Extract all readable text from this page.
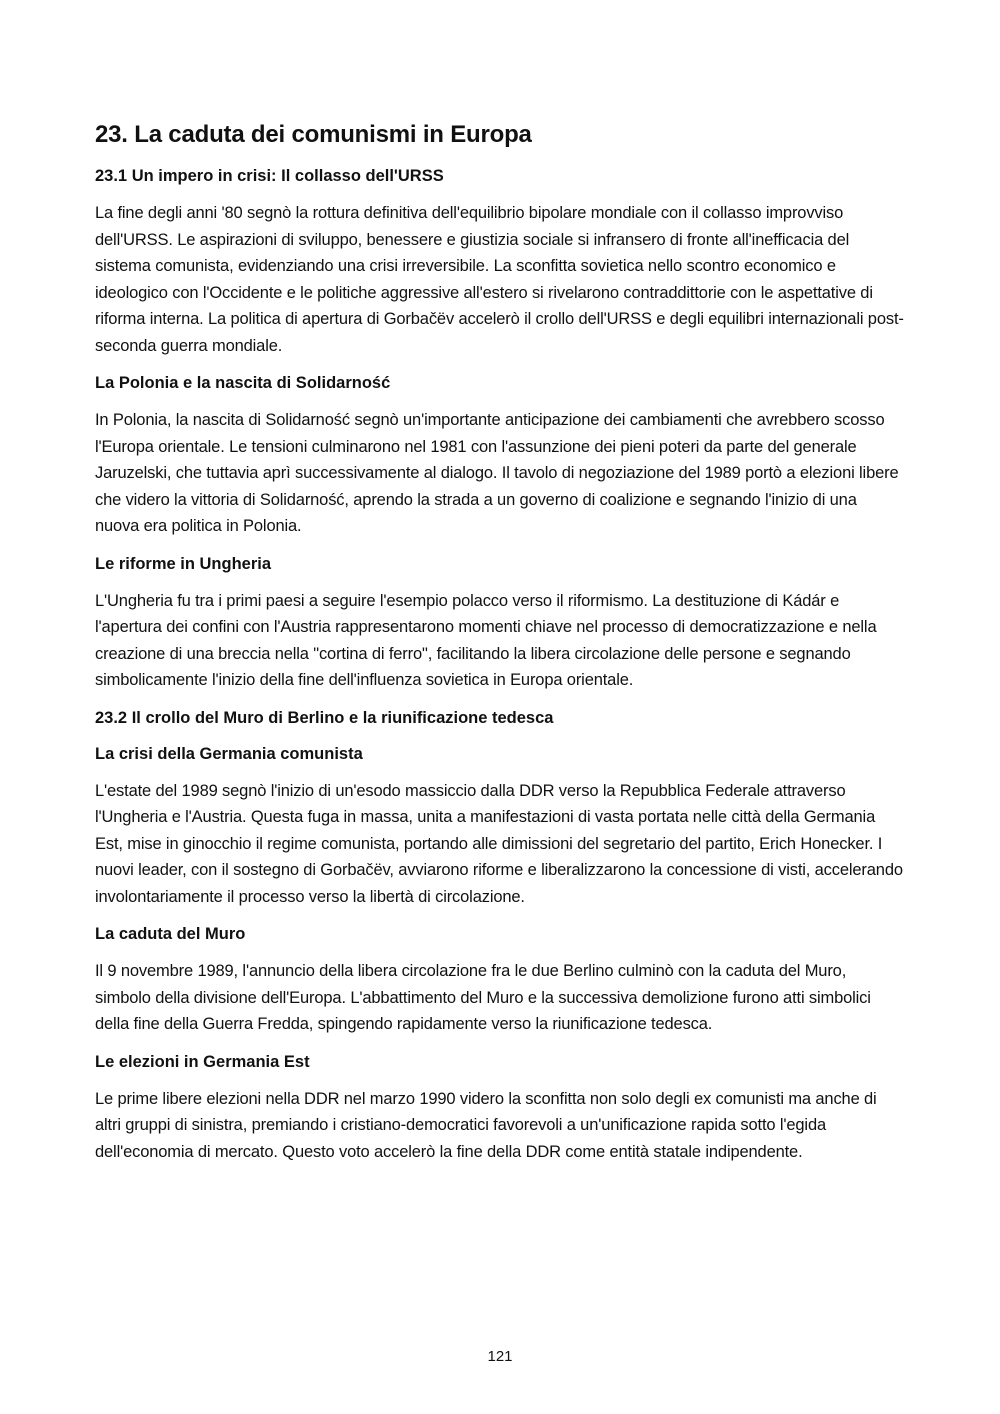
23. La caduta dei comunismi in Europa
23.1 Un impero in crisi: Il collasso dell'URSS

La fine degli anni '80 segnò la rottura definitiva dell'equilibrio bipolare mondiale con il collasso improvviso dell'URSS. Le aspirazioni di sviluppo, benessere e giustizia sociale si infransero di fronte all'inefficacia del sistema comunista, evidenziando una crisi irreversibile. La sconfitta sovietica nello scontro economico e ideologico con l'Occidente e le politiche aggressive all'estero si rivelarono contraddittorie con le aspettative di riforma interna. La politica di apertura di Gorbačëv accelerò il crollo dell'URSS e degli equilibri internazionali post-seconda guerra mondiale.

La Polonia e la nascita di Solidarność

In Polonia, la nascita di Solidarność segnò un'importante anticipazione dei cambiamenti che avrebbero scosso l'Europa orientale. Le tensioni culminarono nel 1981 con l'assunzione dei pieni poteri da parte del generale Jaruzelski, che tuttavia aprì successivamente al dialogo. Il tavolo di negoziazione del 1989 portò a elezioni libere che videro la vittoria di Solidarność, aprendo la strada a un governo di coalizione e segnando l'inizio di una nuova era politica in Polonia.

Le riforme in Ungheria

L'Ungheria fu tra i primi paesi a seguire l'esempio polacco verso il riformismo. La destituzione di Kádár e l'apertura dei confini con l'Austria rappresentarono momenti chiave nel processo di democratizzazione e nella creazione di una breccia nella "cortina di ferro", facilitando la libera circolazione delle persone e segnando simbolicamente l'inizio della fine dell'influenza sovietica in Europa orientale.

23.2 Il crollo del Muro di Berlino e la riunificazione tedesca
La crisi della Germania comunista

L'estate del 1989 segnò l'inizio di un'esodo massiccio dalla DDR verso la Repubblica Federale attraverso l'Ungheria e l'Austria. Questa fuga in massa, unita a manifestazioni di vasta portata nelle città della Germania Est, mise in ginocchio il regime comunista, portando alle dimissioni del segretario del partito, Erich Honecker. I nuovi leader, con il sostegno di Gorbačëv, avviarono riforme e liberalizzarono la concessione di visti, accelerando involontariamente il processo verso la libertà di circolazione.

La caduta del Muro

Il 9 novembre 1989, l'annuncio della libera circolazione fra le due Berlino culminò con la caduta del Muro, simbolo della divisione dell'Europa. L'abbattimento del Muro e la successiva demolizione furono atti simbolici della fine della Guerra Fredda, spingendo rapidamente verso la riunificazione tedesca.

Le elezioni in Germania Est

Le prime libere elezioni nella DDR nel marzo 1990 videro la sconfitta non solo degli ex comunisti ma anche di altri gruppi di sinistra, premiando i cristiano-democratici favorevoli a un'unificazione rapida sotto l'egida dell'economia di mercato. Questo voto accelerò la fine della DDR come entità statale indipendente.

121
